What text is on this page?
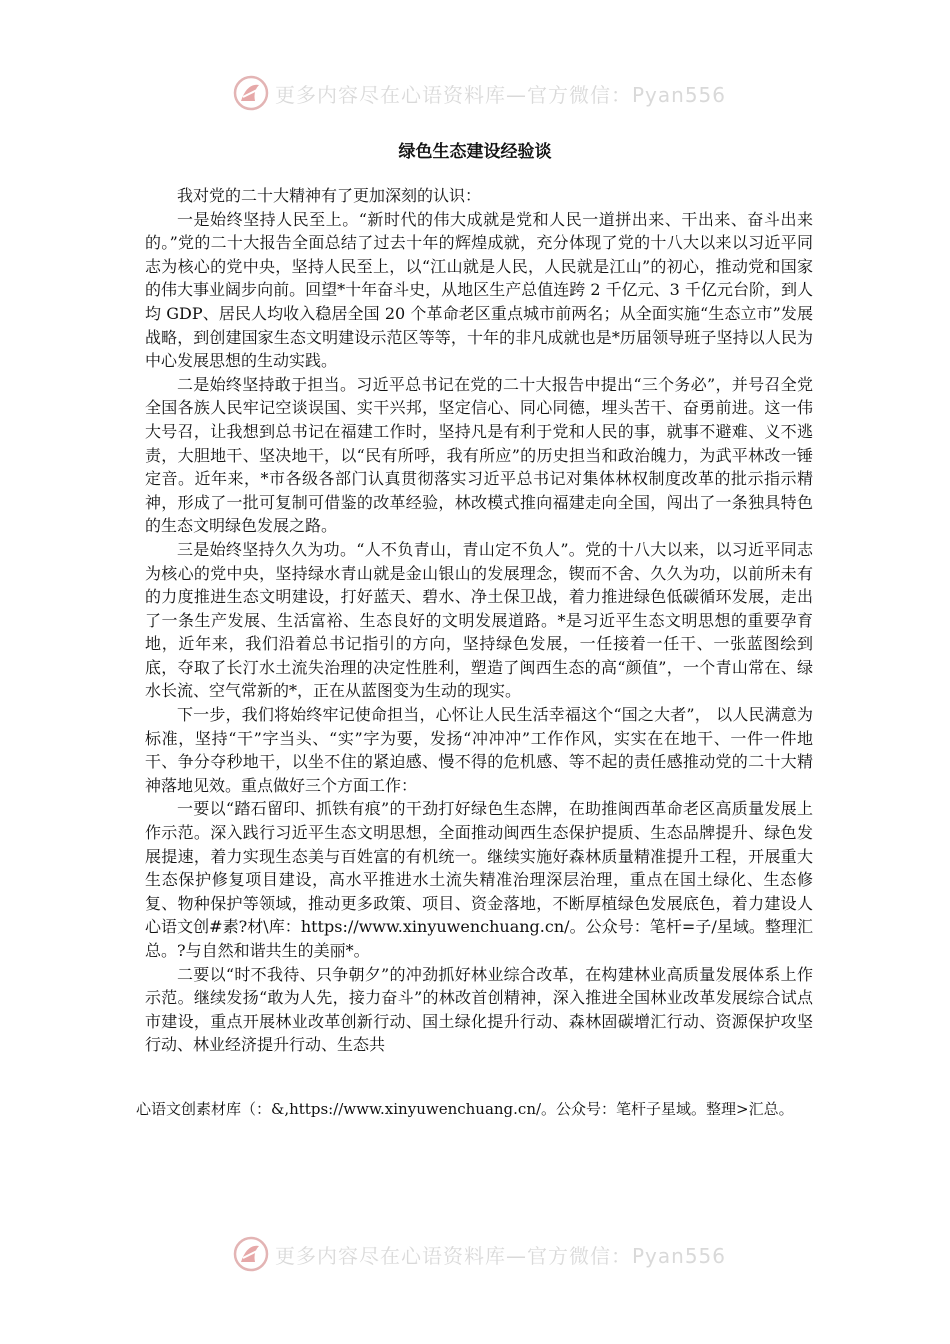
更多内容尽在心语资料库—官方微信：Pyan556
绿色生态建设经验谈

我对党的二十大精神有了更加深刻的认识：

一是始终坚持人民至上。“新时代的伟大成就是党和人民一道拼出来、干出来、奋斗出来的。”党的二十大报告全面总结了过去十年的辉煌成就，充分体现了党的十八大以来以习近平同志为核心的党中央，坚持人民至上，以“江山就是人民，人民就是江山”的初心，推动党和国家的伟大事业阔步向前。回望*十年奋斗史，从地区生产总值连跨 2 千亿元、3 千亿元台阶，到人均 GDP、居民人均收入稳居全国 20 个革命老区重点城市前两名；从全面实施“生态立市”发展战略，到创建国家生态文明建设示范区等等，十年的非凡成就也是*历届领导班子坚持以人民为中心发展思想的生动实践。

二是始终坚持敢于担当。习近平总书记在党的二十大报告中提出“三个务必”，并号召全党全国各族人民牢记空谈误国、实干兴邦，坚定信心、同心同德，埋头苦干、奋勇前进。这一伟大号召，让我想到总书记在福建工作时，坚持凡是有利于党和人民的事，就事不避难、义不逃责，大胆地干、坚决地干，以“民有所呼，我有所应”的历史担当和政治魄力，为武平林改一锤定音。近年来，*市各级各部门认真贯彻落实习近平总书记对集体林权制度改革的批示指示精神，形成了一批可复制可借鉴的改革经验，林改模式推向福建走向全国，闯出了一条独具特色的生态文明绿色发展之路。

三是始终坚持久久为功。“人不负青山，青山定不负人”。党的十八大以来，以习近平同志为核心的党中央，坚持绿水青山就是金山银山的发展理念，锲而不舍、久久为功，以前所未有的力度推进生态文明建设，打好蓝天、碧水、净土保卫战，着力推进绿色低碳循环发展，走出了一条生产发展、生活富裕、生态良好的文明发展道路。*是习近平生态文明思想的重要孕育地，近年来，我们沿着总书记指引的方向，坚持绿色发展，一任接着一任干、一张蓝图绘到底，夺取了长汀水土流失治理的决定性胜利，塑造了闽西生态的高“颜值”，一个青山常在、绿水长流、空气常新的*，正在从蓝图变为生动的现实。

下一步，我们将始终牢记使命担当，心怀让人民生活幸福这个“国之大者”， 以人民满意为标准，坚持“干”字当头、“实”字为要，发扬“冲冲冲”工作作风，实实在在地干、一件一件地干、争分夺秒地干，以坐不住的紧迫感、慢不得的危机感、等不起的责任感推动党的二十大精神落地见效。重点做好三个方面工作：

一要以“踏石留印、抓铁有痕”的干劲打好绿色生态牌，在助推闽西革命老区高质量发展上作示范。深入践行习近平生态文明思想，全面推动闽西生态保护提质、生态品牌提升、绿色发展提速，着力实现生态美与百姓富的有机统一。继续实施好森林质量精准提升工程，开展重大生态保护修复项目建设，高水平推进水土流失精准治理深层治理，重点在国土绿化、生态修复、物种保护等领域，推动更多政策、项目、资金落地，不断厚植绿色发展底色，着力建设人心语文创#素?材\库：https://www.xinyuwenchuang.cn/。公众号：笔杆=子/星域。整理汇总。?与自然和谐共生的美丽*。

二要以“时不我待、只争朝夕”的冲劲抓好林业综合改革，在构建林业高质量发展体系上作示范。继续发扬“敢为人先，接力奋斗”的林改首创精神，深入推进全国林业改革发展综合试点市建设，重点开展林业改革创新行动、国土绿化提升行动、森林固碳增汇行动、资源保护攻坚行动、林业经济提升行动、生态共

心语文创素材库（：&,https://www.xinyuwenchuang.cn/。公众号：笔杆子星域。整理>汇总。
更多内容尽在心语资料库—官方微信：Pyan556
